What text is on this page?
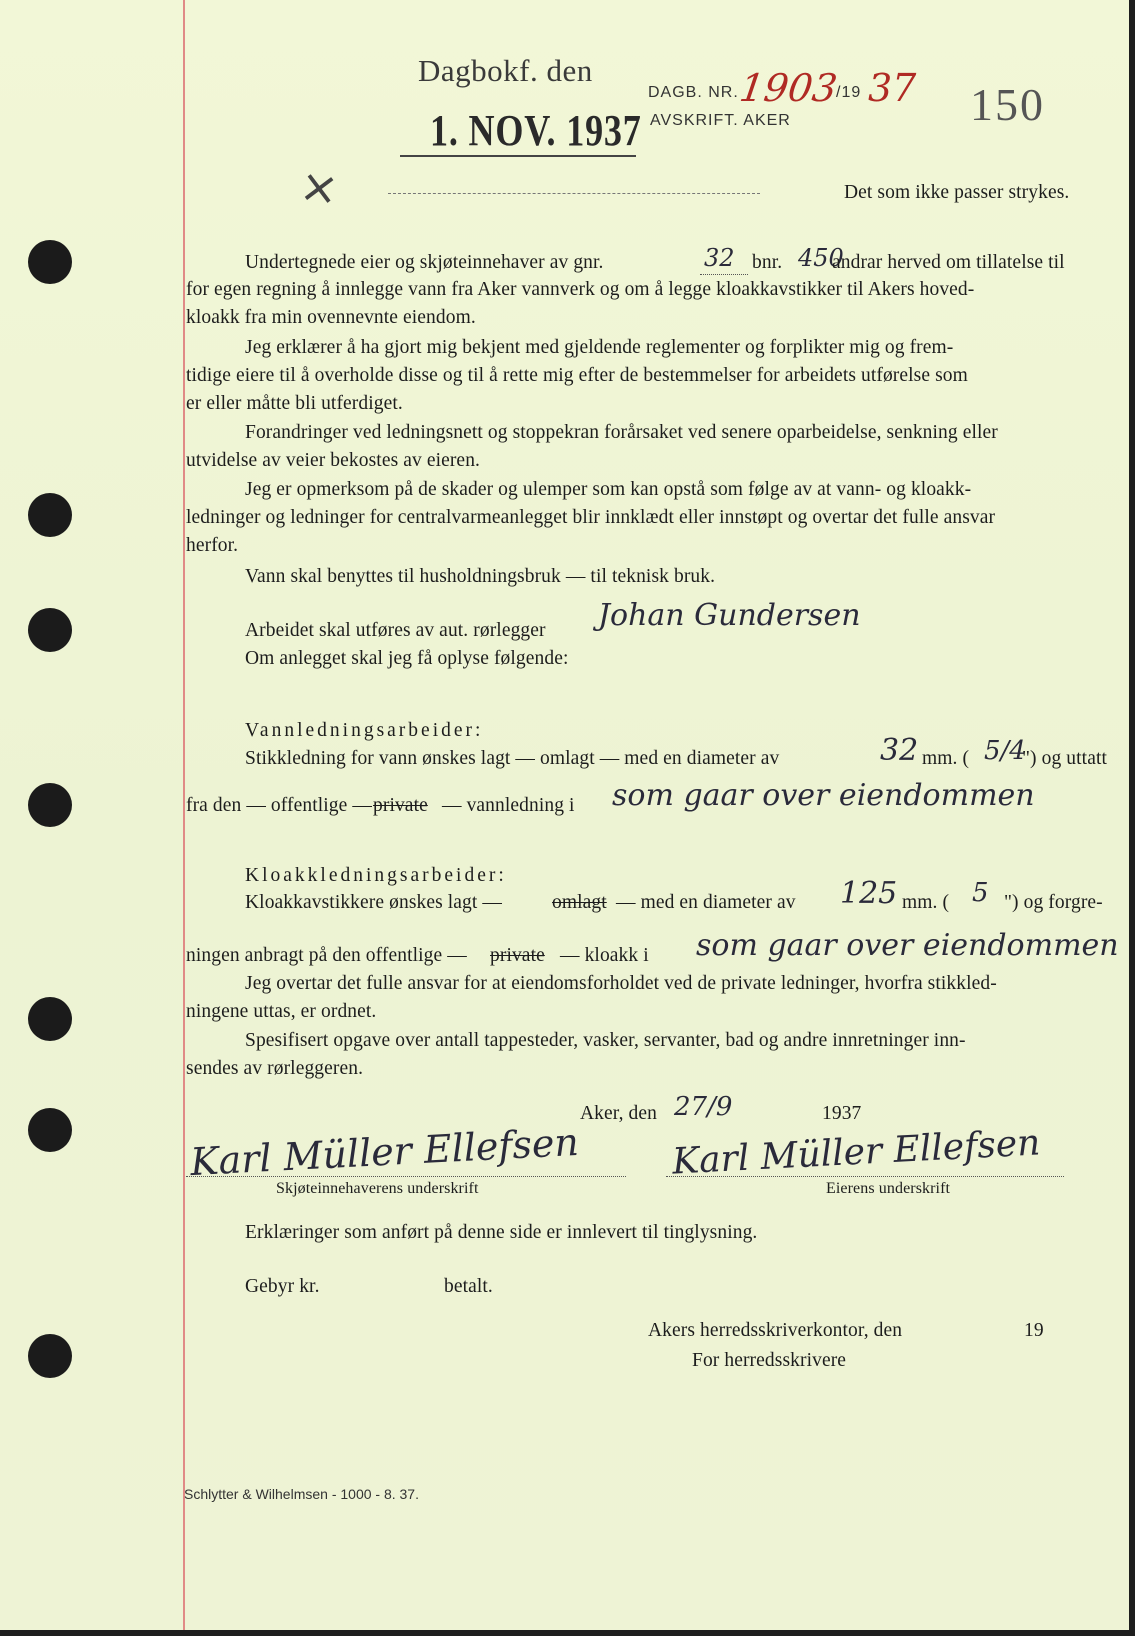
Dagbokf. den
1. NOV. 1937
DAGB. NR.
1903
/19 37
AVSKRIFT. AKER	150
×	Det som ikke passer strykes.
Undertegnede eier og skjøteinnehaver av gnr.	32 bnr. 450
andrar herved om tillatelse til
for egen regning å innlegge vann fra Aker vannverk og om å legge kloakkavstikker til Akers hoved-
kloakk fra min ovennevnte eiendom.
Jeg erklærer å ha gjort mig bekjent med gjeldende reglementer og forplikter mig og frem-
tidige eiere til å overholde disse og til å rette mig efter de bestemmelser for arbeidets utførelse som
er eller måtte bli utferdiget.
Forandringer ved ledningsnett og stoppekran forårsaket ved senere oparbeidelse, senkning eller
utvidelse av veier bekostes av eieren.
Jeg er opmerksom på de skader og ulemper som kan opstå som følge av at vann- og kloakk-
ledninger og ledninger for centralvarmeanlegget blir innklædt eller innstøpt og overtar det fulle ansvar
herfor.
Vann skal benyttes til husholdningsbruk — til teknisk bruk.
Arbeidet skal utføres av aut. rørlegger Johan Gundersen
Om anlegget skal jeg få oplyse følgende:
Vannledningsarbeider:
Stikkledning for vann ønskes lagt — omlagt — med en diameter av	32 mm. ( 5/4
") og uttatt
fra den — offentlige — private — vannledning i som gaar over eiendommen
Kloakkledningsarbeider:
Kloakkavstikkere ønskes lagt —	omlagt — med en diameter av 125 mm. ( 5 ") og forgre-
ningen anbragt på den offentlige — private — kloakk i som gaar over eiendommen
Jeg overtar det fulle ansvar for at eiendomsforholdet ved de private ledninger, hvorfra stikkled-
ningene uttas, er ordnet.
Spesifisert opgave over antall tappesteder, vasker, servanter, bad og andre innretninger inn-
sendes av rørleggeren.
Aker, den 27/9	1937
Karl Müller Ellefsen
Skjøteinnehaverens underskrift
Karl Müller Ellefsen
Eierens underskrift
Erklæringer som anført på denne side er innlevert til tinglysning.
Gebyr kr.	betalt.
Akers herredsskriverkontor, den	19
For herredsskrivere
Schlytter & Wilhelmsen - 1000 - 8. 37.
